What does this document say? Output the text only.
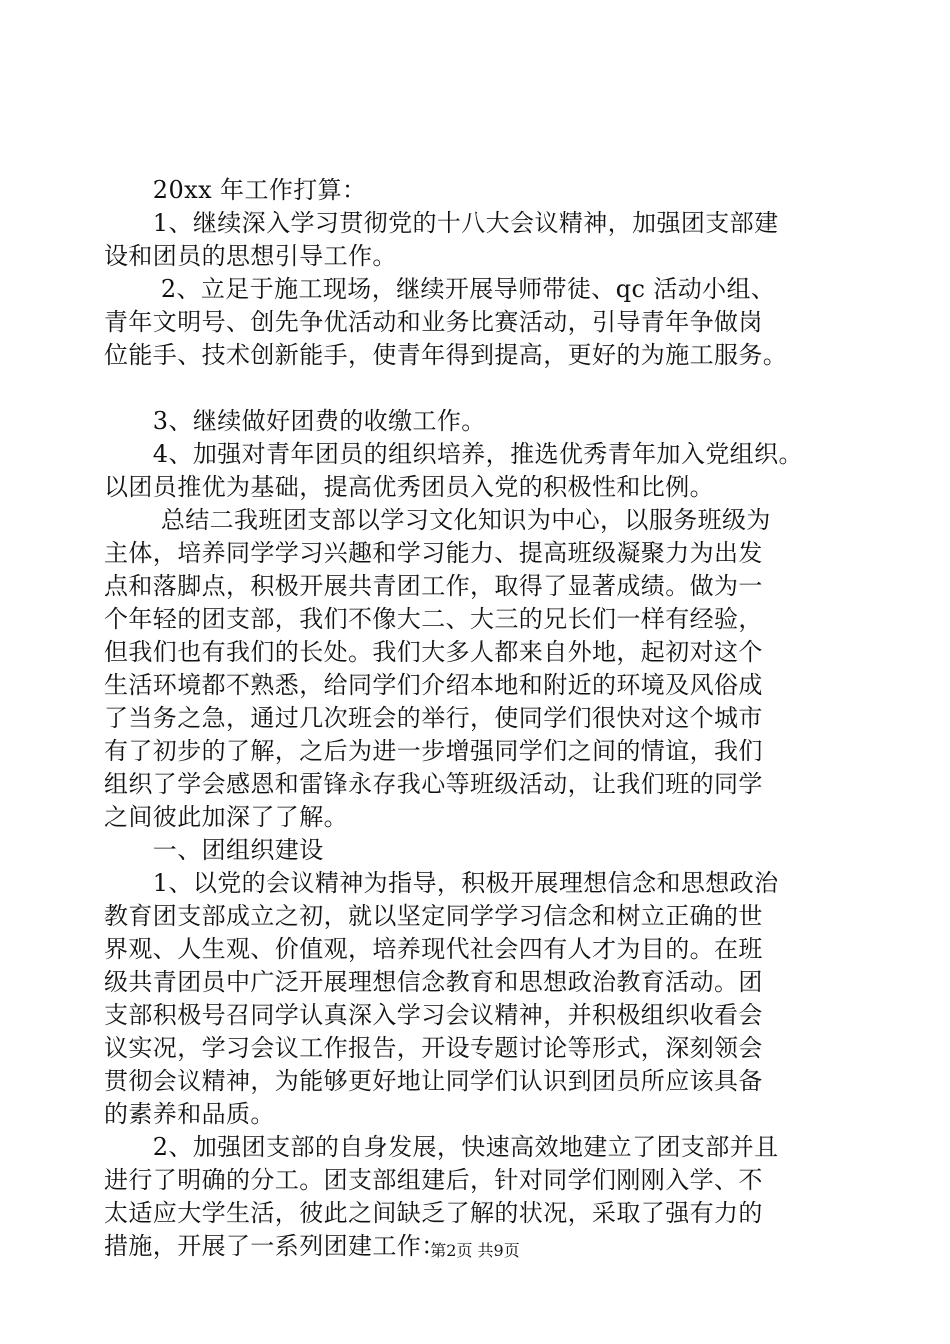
　　20xx 年工作打算：
　　1、继续深入学习贯彻党的十八大会议精神，加强团支部建
设和团员的思想引导工作。
　　 2、立足于施工现场，继续开展导师带徒、qc 活动小组、
青年文明号、创先争优活动和业务比赛活动，引导青年争做岗
位能手、技术创新能手，使青年得到提高，更好的为施工服务。
　　3、继续做好团费的收缴工作。
　　4、加强对青年团员的组织培养，推选优秀青年加入党组织。
以团员推优为基础，提高优秀团员入党的积极性和比例。
　　 总结二我班团支部以学习文化知识为中心，以服务班级为
主体，培养同学学习兴趣和学习能力、提高班级凝聚力为出发
点和落脚点，积极开展共青团工作，取得了显著成绩。做为一
个年轻的团支部，我们不像大二、大三的兄长们一样有经验，
但我们也有我们的长处。我们大多人都来自外地，起初对这个
生活环境都不熟悉，给同学们介绍本地和附近的环境及风俗成
了当务之急，通过几次班会的举行，使同学们很快对这个城市
有了初步的了解，之后为进一步增强同学们之间的情谊，我们
组织了学会感恩和雷锋永存我心等班级活动，让我们班的同学
之间彼此加深了了解。
　　一、团组织建设
　　1、以党的会议精神为指导，积极开展理想信念和思想政治
教育团支部成立之初，就以坚定同学学习信念和树立正确的世
界观、人生观、价值观，培养现代社会四有人才为目的。在班
级共青团员中广泛开展理想信念教育和思想政治教育活动。团
支部积极号召同学认真深入学习会议精神，并积极组织收看会
议实况，学习会议工作报告，开设专题讨论等形式，深刻领会
贯彻会议精神，为能够更好地让同学们认识到团员所应该具备
的素养和品质。
　　2、加强团支部的自身发展，快速高效地建立了团支部并且
进行了明确的分工。团支部组建后，针对同学们刚刚入学、不
太适应大学生活，彼此之间缺乏了解的状况，采取了强有力的
措施，开展了一系列团建工作：
第2页 共9页
